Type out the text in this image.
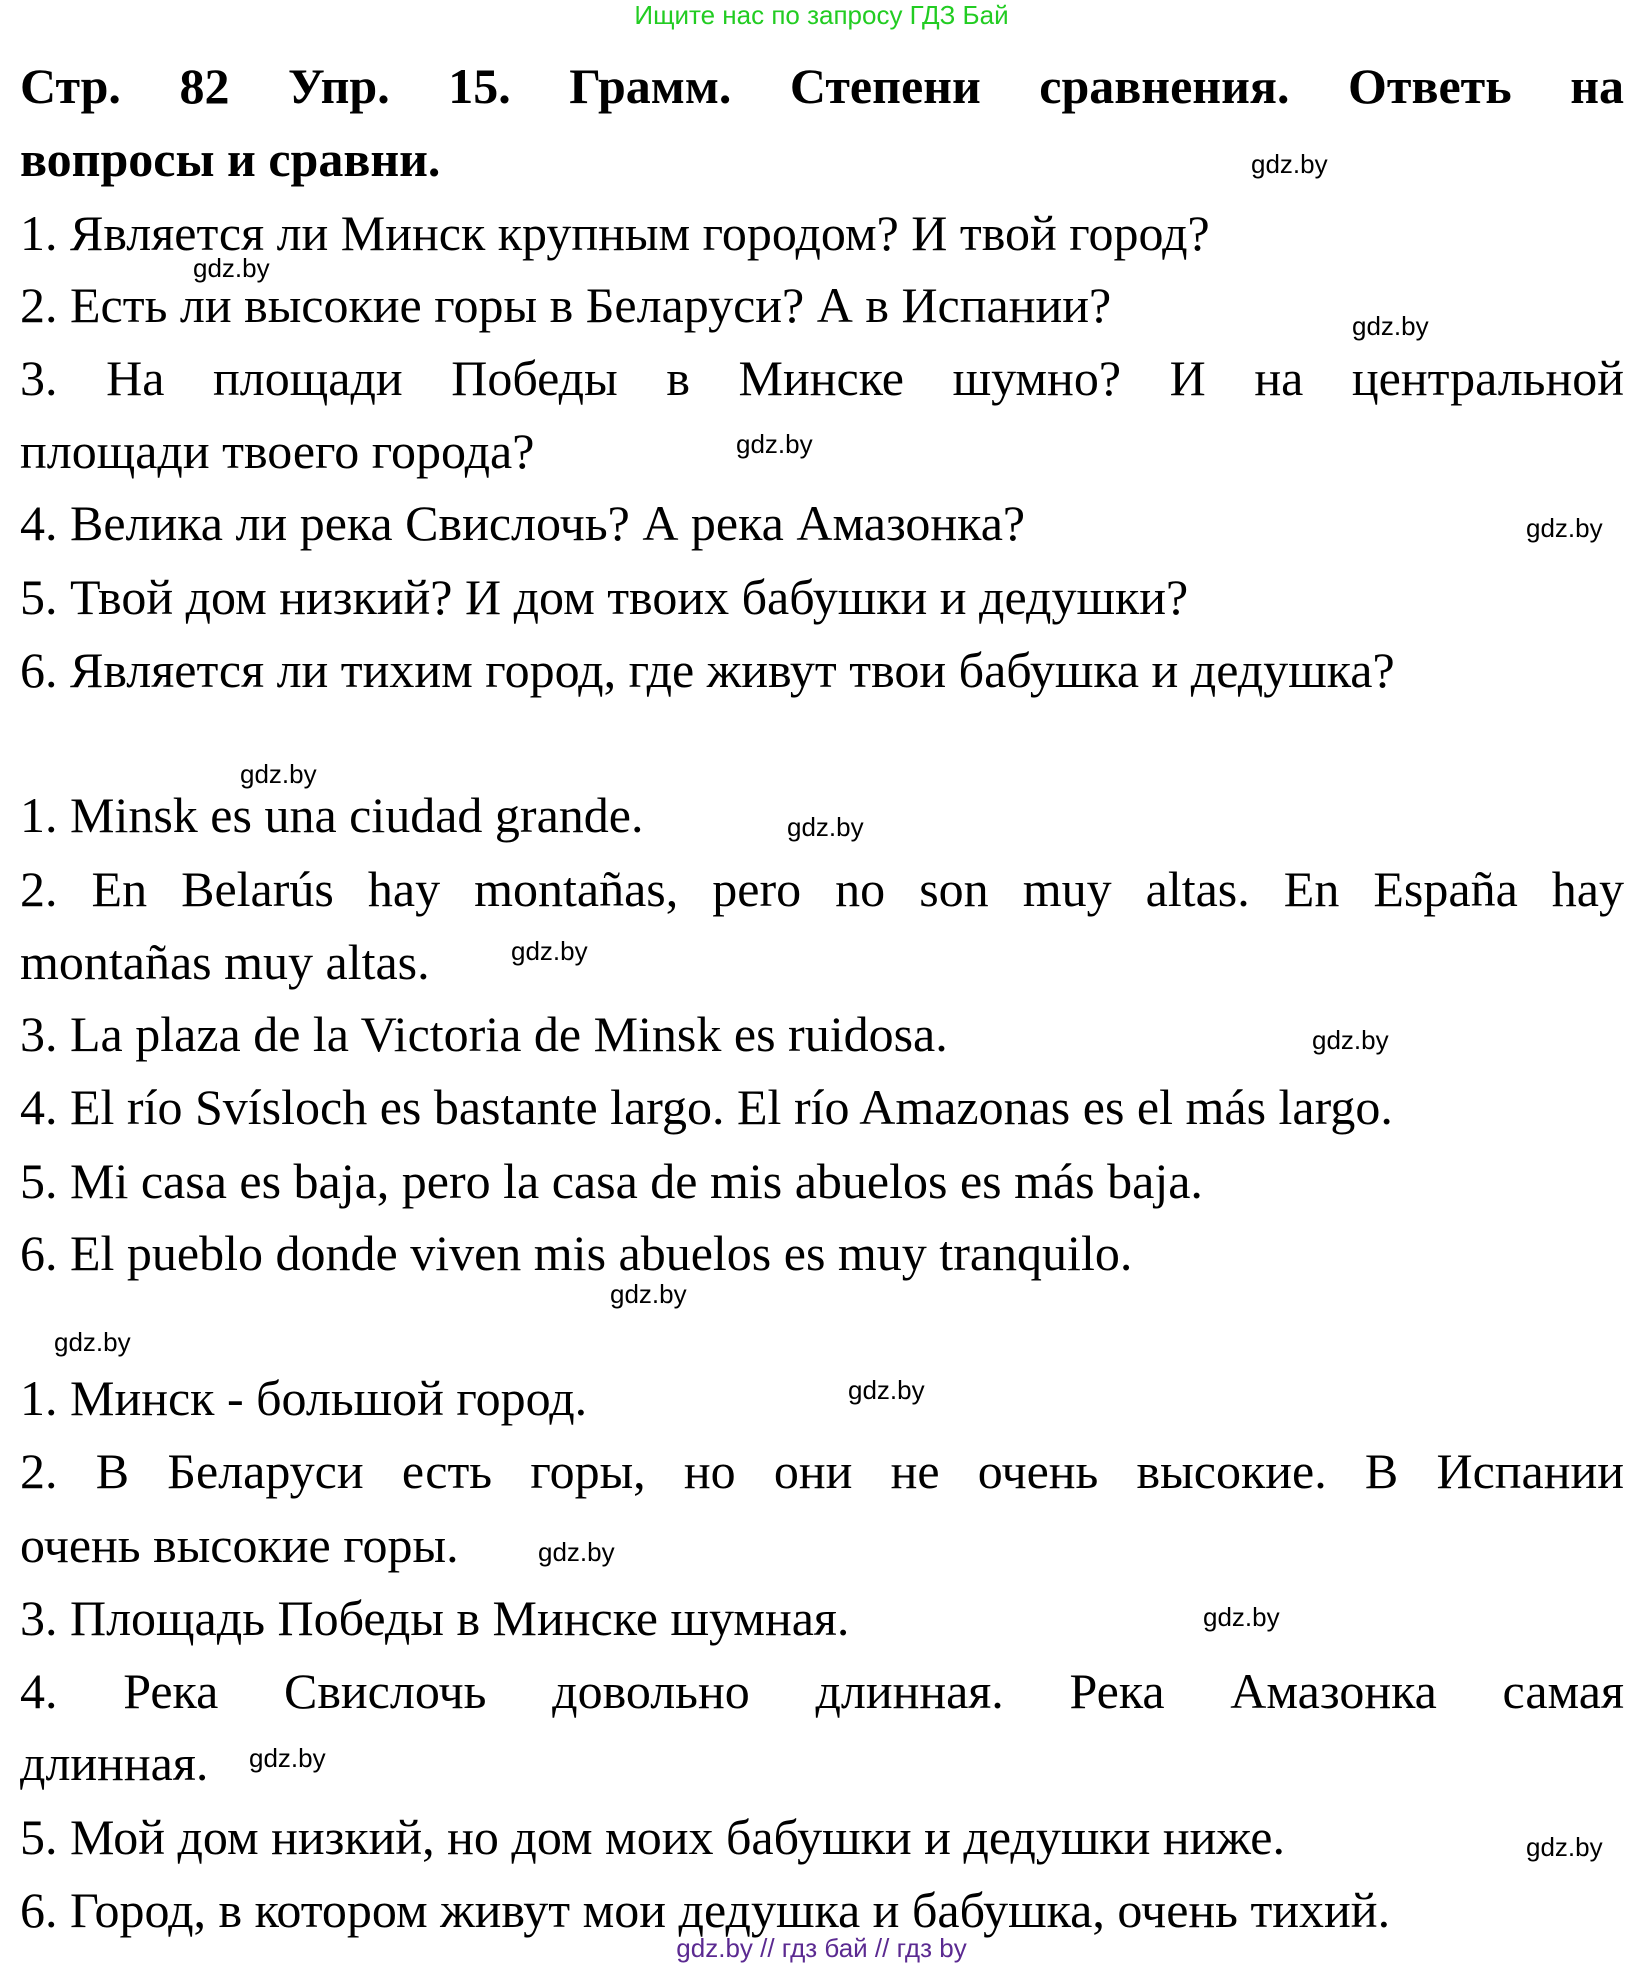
Ищите нас по запросу ГДЗ Бай
Стр. 82 Упр. 15. Грамм. Степени сравнения. Ответь на
вопросы и сравни.
1. Является ли Минск крупным городом? И твой город?
2. Есть ли высокие горы в Беларуси? А в Испании?
3. На площади Победы в Минске шумно? И на центральной
площади твоего города?
4. Велика ли река Свислочь? А река Амазонка?
5. Твой дом низкий? И дом твоих бабушки и дедушки?
6. Является ли тихим город, где живут твои бабушка и дедушка?
1. Minsk es una ciudad grande.
2. En Belarús hay montañas, pero no son muy altas. En España hay
montañas muy altas.
3. La plaza de la Victoria de Minsk es ruidosa.
4. El río Svísloch es bastante largo. El río Amazonas es el más largo.
5. Mi casa es baja, pero la casa de mis abuelos es más baja.
6. El pueblo donde viven mis abuelos es muy tranquilo.
1. Минск - большой город.
2. В Беларуси есть горы, но они не очень высокие. В Испании
очень высокие горы.
3. Площадь Победы в Минске шумная.
4. Река Свислочь довольно длинная. Река Амазонка самая
длинная.
5. Мой дом низкий, но дом моих бабушки и дедушки ниже.
6. Город, в котором живут мои дедушка и бабушка, очень тихий.
gdz.by
gdz.by
gdz.by
gdz.by
gdz.by
gdz.by
gdz.by
gdz.by
gdz.by
gdz.by
gdz.by
gdz.by
gdz.by
gdz.by
gdz.by
gdz.by
gdz.by // гдз бай // гдз by
